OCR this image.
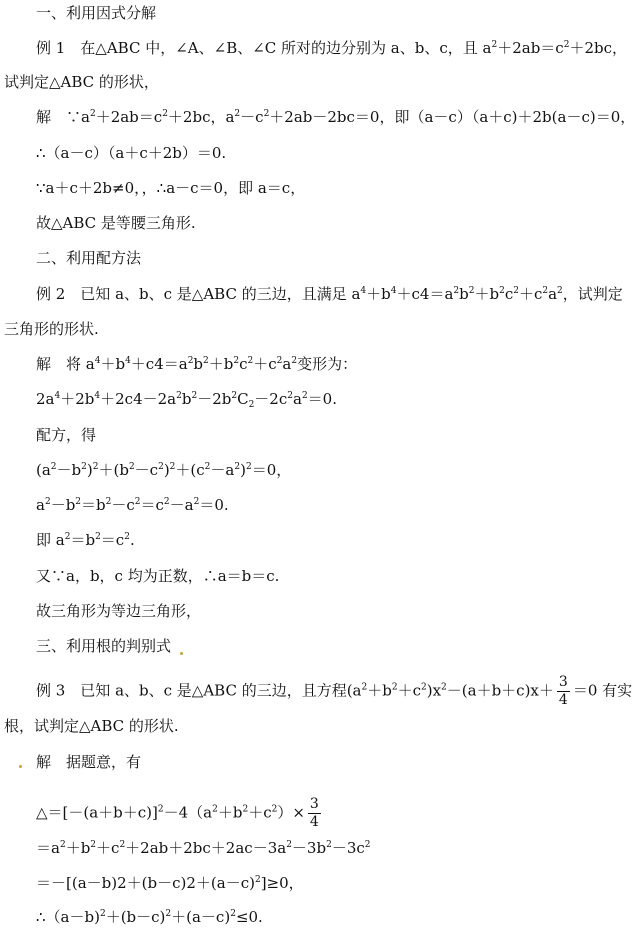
一、利用因式分解
例 1　在△ABC 中，∠A、∠B、∠C 所对的边分别为 a、b、c，且 $a^2+2ab=c^2+2bc$，
试判定△ABC 的形状，
解　$\because a^2+2ab=c^2+2bc$，$a^2-c^2+2ab-2bc=0$，即（a－c）（a＋c)＋2b(a－c)＝0，
∴（a－c）（a＋c＋2b）＝0.
∵a＋c＋2b≠0，，∴a－c＝0，即 a＝c，
故△ABC 是等腰三角形.
二、利用配方法
例 2　已知 a、b、c 是△ABC 的三边，且满足 $a^4+b^4+c4=a^2b^2+b^2c^2+c^2a^2$，试判定
三角形的形状.
解　将 $a^4+b^4+c4=a^2b^2+b^2c^2+c^2a^2$变形为：
$2a^4+2b^4+2c4-2a^2b^2-2b^2C_2-2c^2a^2=0$.
配方，得
$(a^2-b^2)^2+(b^2-c^2)^2+(c^2-a^2)^2=0$，
$a^2-b^2=b^2-c^2=c^2-a^2=0$.
即 $a^2=b^2=c^2$.
又∵a，b，c 均为正数，∴a＝b＝c.
故三角形为等边三角形，
三、利用根的判别式
例 3　已知 a、b、c 是△ABC 的三边，且方程$(a^2+b^2+c^2)x^2-(a+b+c)x+ \frac{3}{4} =0$ 有实
根，试判定△ABC 的形状.
解　据题意，有
$\triangle=[-(a+b+c)]^2-4(a^2+b^2+c^2)\times \frac{3}{4}$
$=a^2+b^2+c^2+2ab+2bc+2ac-3a^2-3b^2-3c^2$
$=-[(a-b)2+(b-c)2+(a-c)^2]\ge 0$，
$\therefore(a-b)^2+(b-c)^2+(a-c)^2\le 0$.
